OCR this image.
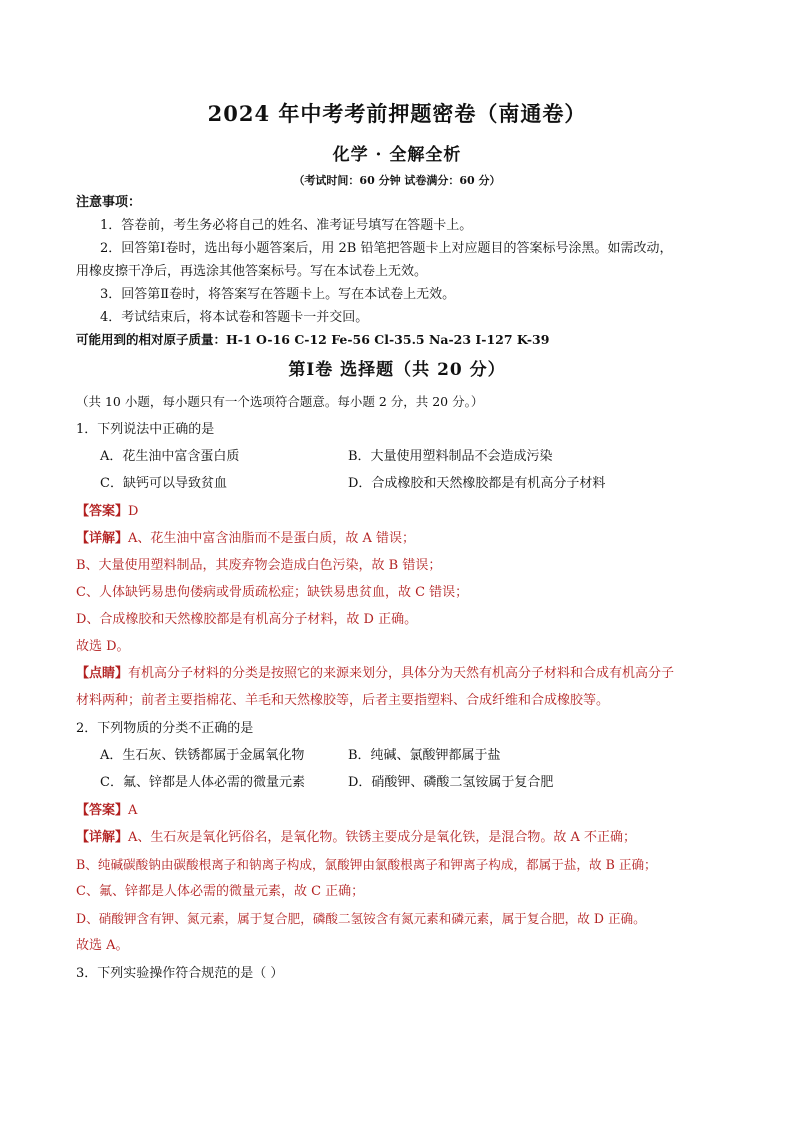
2024 年中考考前押题密卷（南通卷）
化学 · 全解全析
（考试时间：60 分钟 试卷满分：60 分）
注意事项：
1．答卷前，考生务必将自己的姓名、准考证号填写在答题卡上。
2．回答第Ⅰ卷时，选出每小题答案后，用 2B 铅笔把答题卡上对应题目的答案标号涂黑。如需改动，
用橡皮擦干净后，再选涂其他答案标号。写在本试卷上无效。
3．回答第Ⅱ卷时，将答案写在答题卡上。写在本试卷上无效。
4．考试结束后，将本试卷和答题卡一并交回。
可能用到的相对原子质量：H-1 O-16 C-12 Fe-56 Cl-35.5 Na-23 I-127 K-39
第Ⅰ卷 选择题（共 20 分）
（共 10 小题，每小题只有一个选项符合题意。每小题 2 分，共 20 分。）
1．下列说法中正确的是
A．花生油中富含蛋白质	B．大量使用塑料制品不会造成污染
C．缺钙可以导致贫血	D．合成橡胶和天然橡胶都是有机高分子材料
【答案】D
【详解】A、花生油中富含油脂而不是蛋白质，故 A 错误；
B、大量使用塑料制品，其废弃物会造成白色污染，故 B 错误；
C、人体缺钙易患佝偻病或骨质疏松症；缺铁易患贫血，故 C 错误；
D、合成橡胶和天然橡胶都是有机高分子材料，故 D 正确。
故选 D。
【点睛】有机高分子材料的分类是按照它的来源来划分，具体分为天然有机高分子材料和合成有机高分子
材料两种；前者主要指棉花、羊毛和天然橡胶等，后者主要指塑料、合成纤维和合成橡胶等。
2．下列物质的分类不正确的是
A．生石灰、铁锈都属于金属氧化物	B．纯碱、氯酸钾都属于盐
C．氟、锌都是人体必需的微量元素	D．硝酸钾、磷酸二氢铵属于复合肥
【答案】A
【详解】A、生石灰是氧化钙俗名，是氧化物。铁锈主要成分是氧化铁，是混合物。故 A 不正确；
B、纯碱碳酸钠由碳酸根离子和钠离子构成，氯酸钾由氯酸根离子和钾离子构成，都属于盐，故 B 正确；
C、氟、锌都是人体必需的微量元素，故 C 正确；
D、硝酸钾含有钾、氮元素，属于复合肥，磷酸二氢铵含有氮元素和磷元素，属于复合肥，故 D 正确。
故选 A。
3．下列实验操作符合规范的是（ ）
